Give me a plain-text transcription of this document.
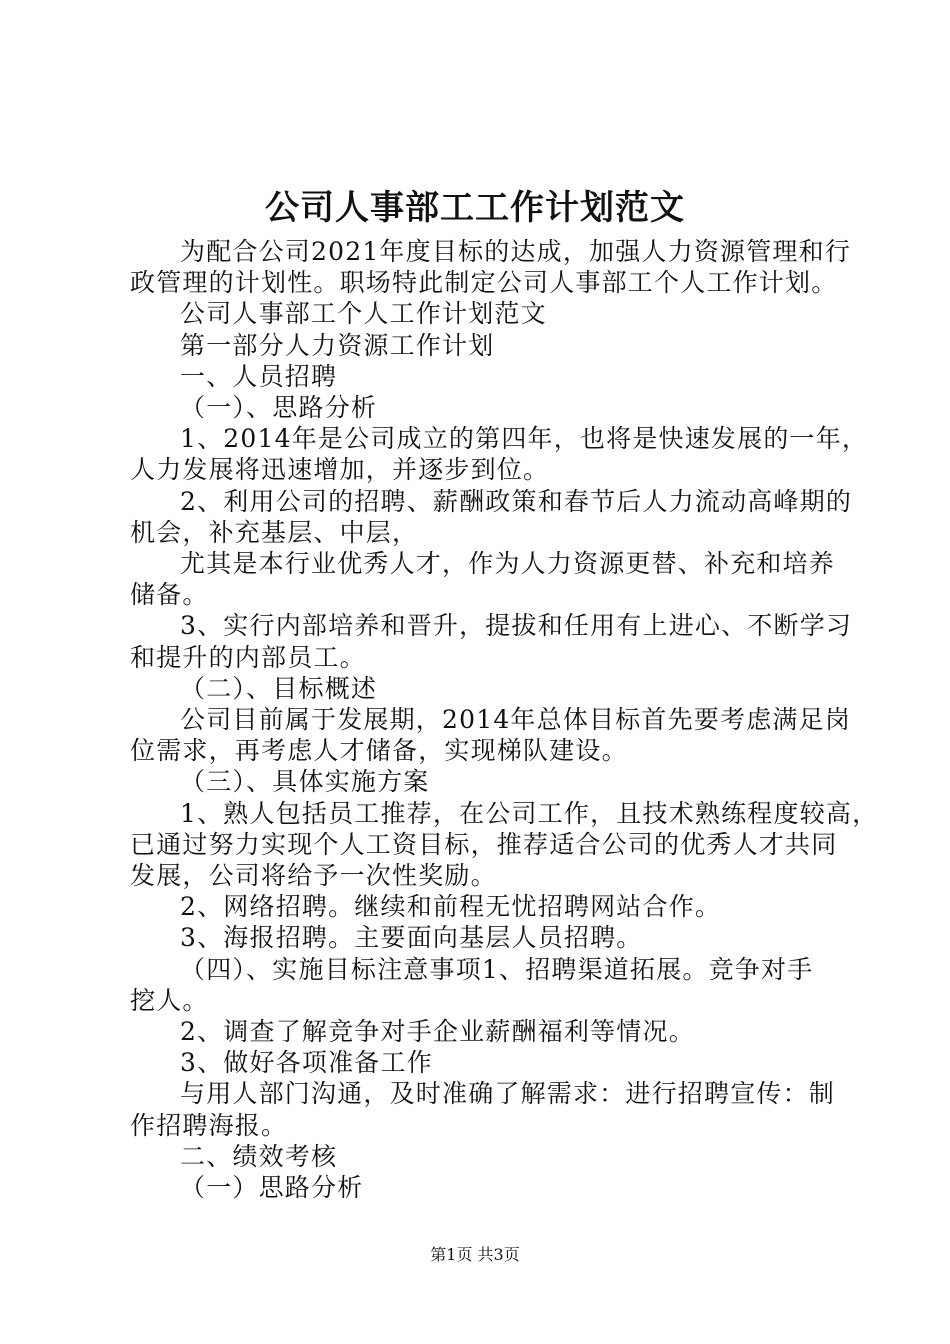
公司人事部工工作计划范文

为配合公司2021年度目标的达成，加强人力资源管理和行

政管理的计划性。职场特此制定公司人事部工个人工作计划。

公司人事部工个人工作计划范文

第一部分人力资源工作计划

一、人员招聘

（一）、思路分析

1、2014年是公司成立的第四年，也将是快速发展的一年，

人力发展将迅速增加，并逐步到位。

2、利用公司的招聘、薪酬政策和春节后人力流动高峰期的

机会，补充基层、中层，

尤其是本行业优秀人才，作为人力资源更替、补充和培养

储备。

3、实行内部培养和晋升，提拔和任用有上进心、不断学习

和提升的内部员工。

（二）、目标概述

公司目前属于发展期，2014年总体目标首先要考虑满足岗

位需求，再考虑人才储备，实现梯队建设。

（三）、具体实施方案

1、熟人包括员工推荐，在公司工作，且技术熟练程度较高，

已通过努力实现个人工资目标，推荐适合公司的优秀人才共同

发展，公司将给予一次性奖励。

2、网络招聘。继续和前程无忧招聘网站合作。

3、海报招聘。主要面向基层人员招聘。

（四）、实施目标注意事项1、招聘渠道拓展。竞争对手

挖人。

2、调查了解竞争对手企业薪酬福利等情况。

3、做好各项准备工作

与用人部门沟通，及时准确了解需求：进行招聘宣传：制

作招聘海报。

二、绩效考核

（一）思路分析

第1页 共3页
